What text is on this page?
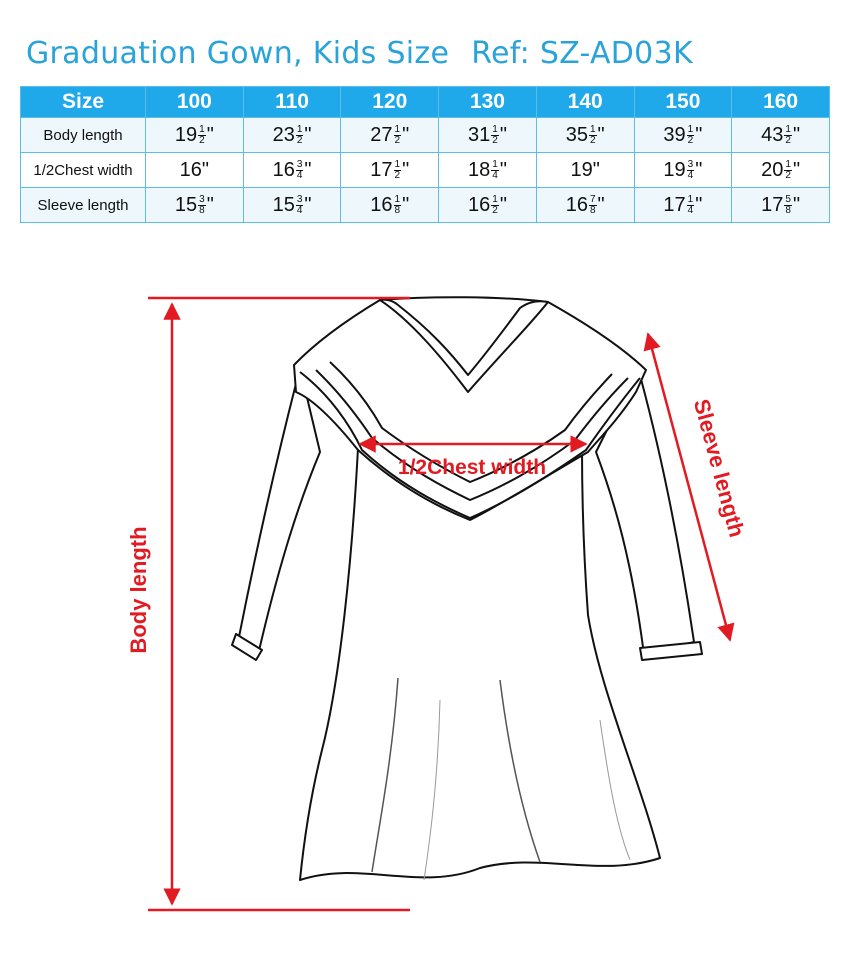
Graduation Gown, Kids Size Ref: SZ-AD03K
Size	100	110	120	130	140	150	160
Body length	$19 \frac{1}{2}$ "	$23 \frac{1}{2}$ "	$27 \frac{1}{2}$ "	$31 \frac{1}{2}$ "	$35 \frac{1}{2}$ "	$39 \frac{1}{2}$ "	$43 \frac{1}{2}$ "
1/2Chest width	16"	$16 \frac{3}{4}$ "	$17 \frac{1}{2}$ "	$18 \frac{1}{4}$ "	19"	$19 \frac{3}{4}$ "	$20 \frac{1}{2}$ "
Sleeve length	$15 \frac{3}{8}$ "	$15 \frac{3}{4}$ "	$16 \frac{1}{8}$ "	$16 \frac{1}{2}$ "	$16 \frac{7}{8}$ "	$17 \frac{1}{4}$ "	$17 \frac{5}{8}$ "
Body length
1/2Chest width	Sleeve length
